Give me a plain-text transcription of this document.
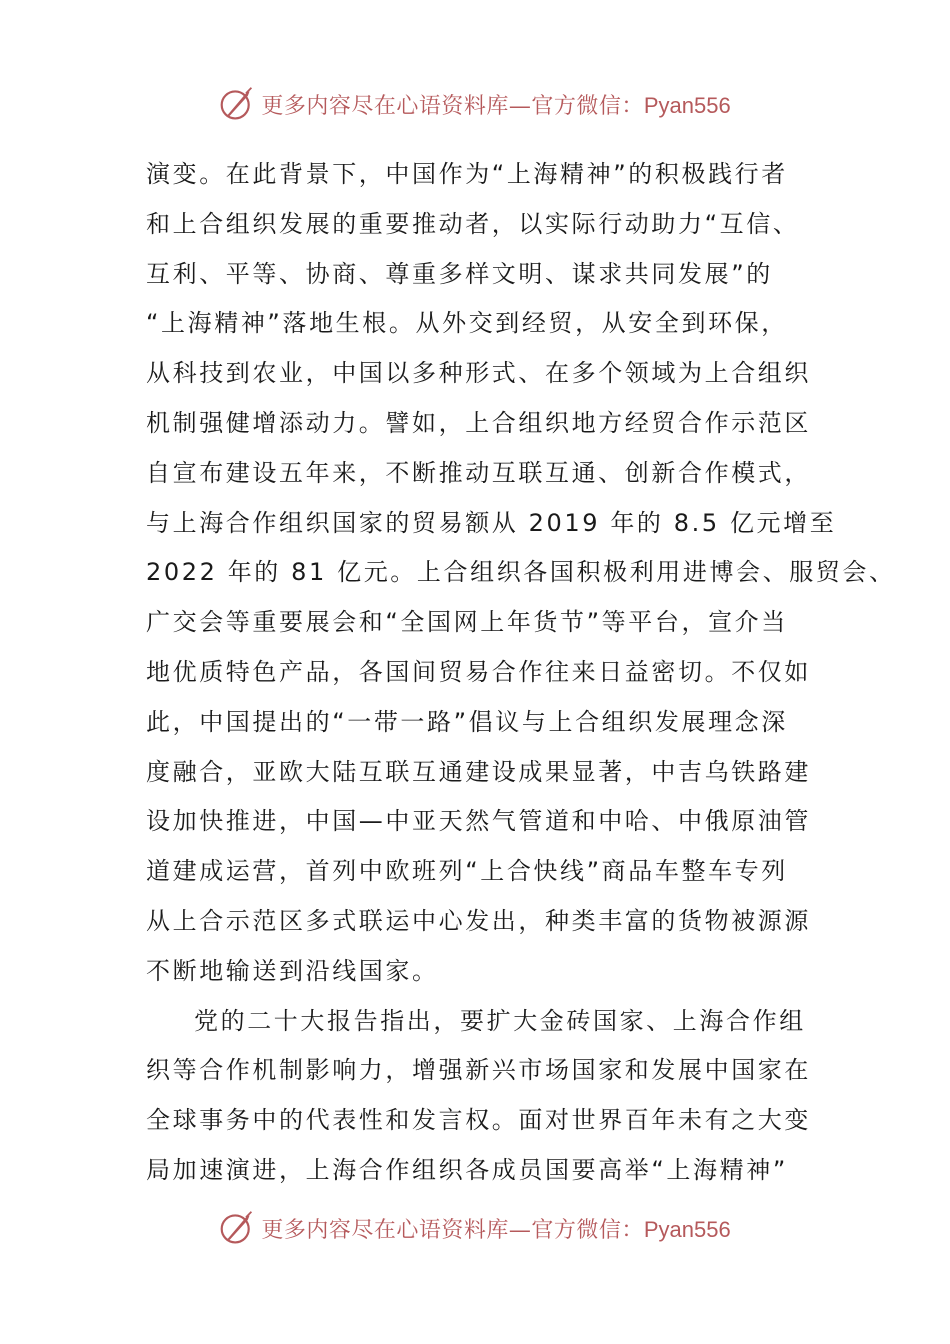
更多内容尽在心语资料库—官方微信：Pyan556
演变。在此背景下，中国作为“上海精神”的积极践行者
和上合组织发展的重要推动者，以实际行动助力“互信、
互利、平等、协商、尊重多样文明、谋求共同发展”的
“上海精神”落地生根。从外交到经贸，从安全到环保，
从科技到农业，中国以多种形式、在多个领域为上合组织
机制强健增添动力。譬如，上合组织地方经贸合作示范区
自宣布建设五年来，不断推动互联互通、创新合作模式，
与上海合作组织国家的贸易额从 2019 年的 8.5 亿元增至
2022 年的 81 亿元。上合组织各国积极利用进博会、服贸会、
广交会等重要展会和“全国网上年货节”等平台，宣介当
地优质特色产品，各国间贸易合作往来日益密切。不仅如
此，中国提出的“一带一路”倡议与上合组织发展理念深
度融合，亚欧大陆互联互通建设成果显著，中吉乌铁路建
设加快推进，中国—中亚天然气管道和中哈、中俄原油管
道建成运营，首列中欧班列“上合快线”商品车整车专列
从上合示范区多式联运中心发出，种类丰富的货物被源源
不断地输送到沿线国家。
党的二十大报告指出，要扩大金砖国家、上海合作组
织等合作机制影响力，增强新兴市场国家和发展中国家在
全球事务中的代表性和发言权。面对世界百年未有之大变
局加速演进，上海合作组织各成员国要高举“上海精神”
更多内容尽在心语资料库—官方微信：Pyan556
